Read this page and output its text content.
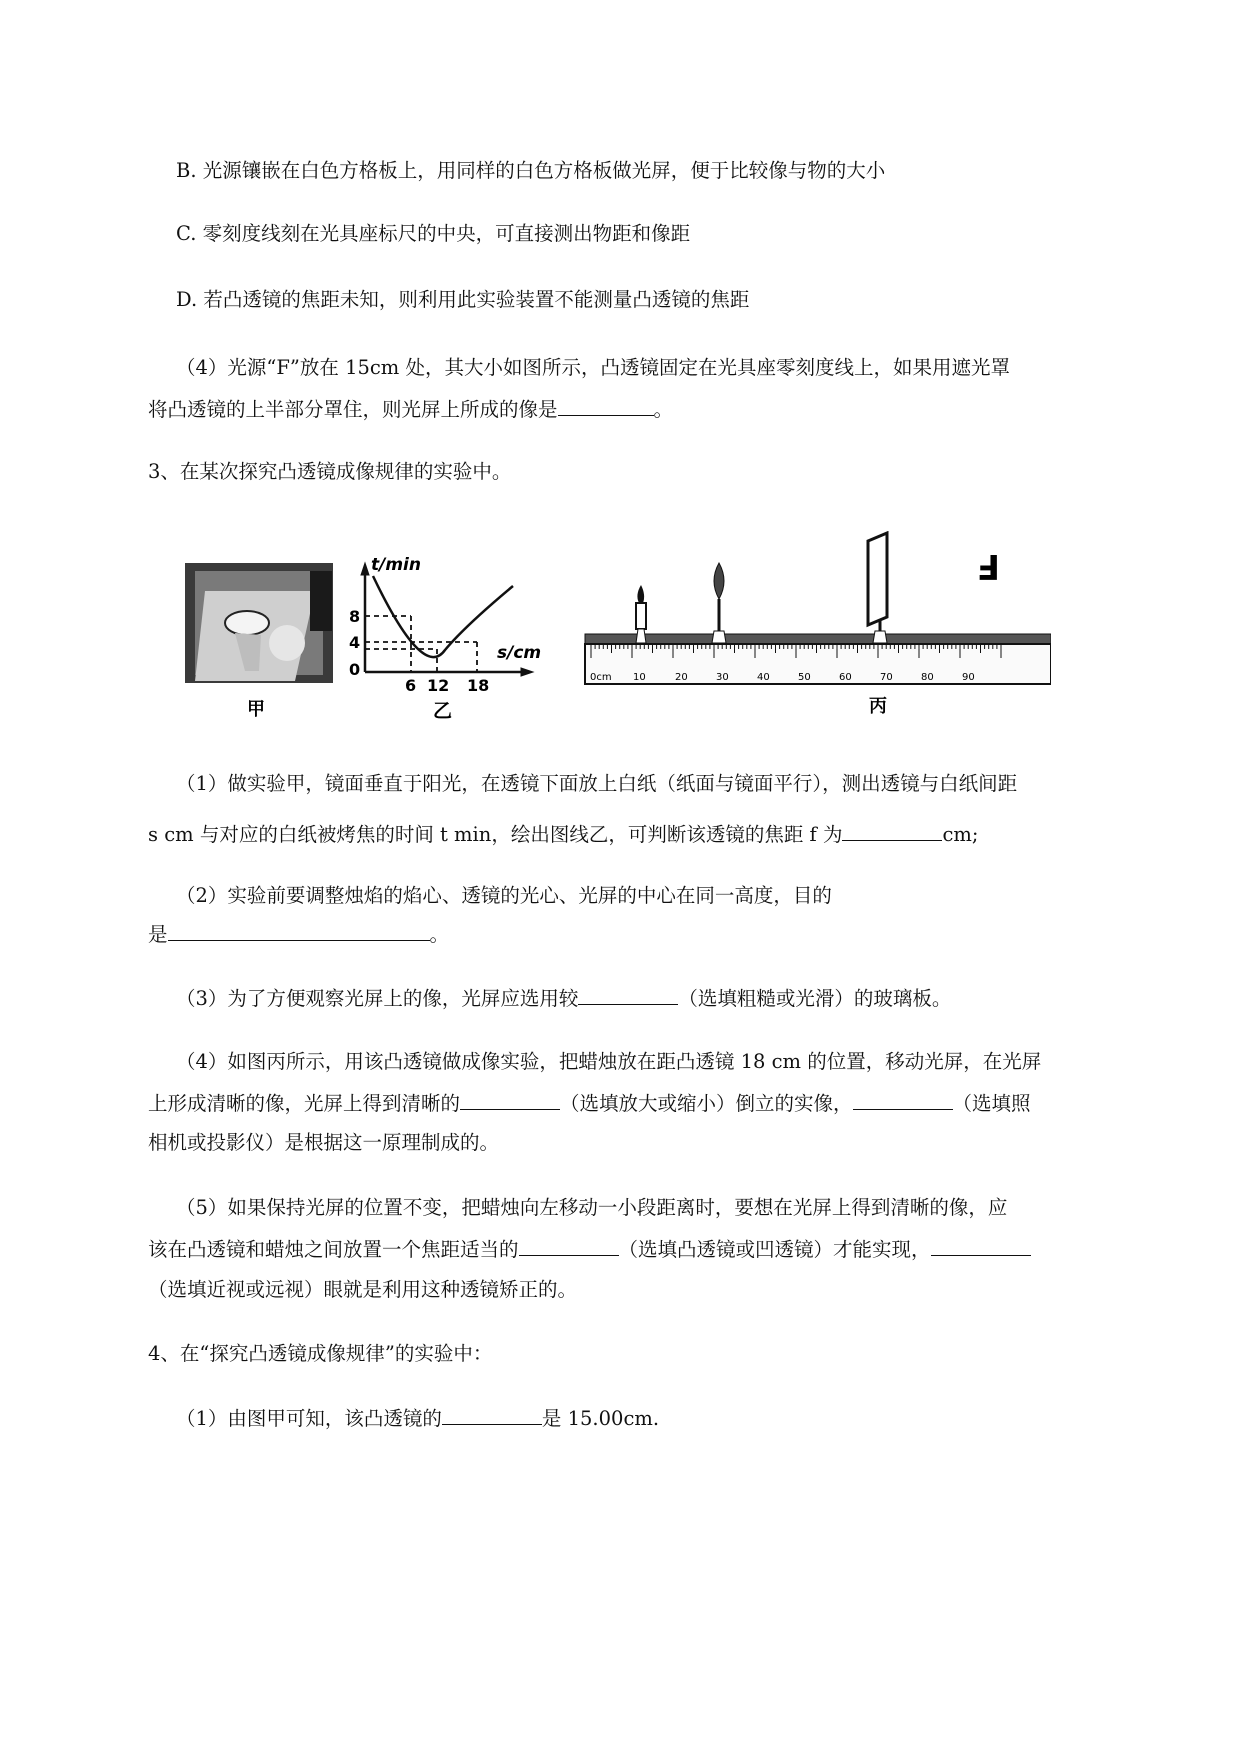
B. 光源镶嵌在白色方格板上，用同样的白色方格板做光屏，便于比较像与物的大小
C. 零刻度线刻在光具座标尺的中央，可直接测出物距和像距
D. 若凸透镜的焦距未知，则利用此实验装置不能测量凸透镜的焦距
（4）光源“F”放在 15cm 处，其大小如图所示，凸透镜固定在光具座零刻度线上，如果用遮光罩
将凸透镜的上半部分罩住，则光屏上所成的像是	。
3、在某次探究凸透镜成像规律的实验中。
甲
t/min
s/cm
8
4
0
6 12 18
乙
0cm 10	20	30	40	50	60	70	80	90
F
丙
（1）做实验甲，镜面垂直于阳光，在透镜下面放上白纸（纸面与镜面平行），测出透镜与白纸间距
s cm 与对应的白纸被烤焦的时间 t min，绘出图线乙，可判断该透镜的焦距 f 为	cm;
（2）实验前要调整烛焰的焰心、透镜的光心、光屏的中心在同一高度，目的
是	。
（3）为了方便观察光屏上的像，光屏应选用较	（选填粗糙或光滑）的玻璃板。
（4）如图丙所示，用该凸透镜做成像实验，把蜡烛放在距凸透镜 18 cm 的位置，移动光屏，在光屏
上形成清晰的像，光屏上得到清晰的	（选填放大或缩小）倒立的实像，	（选填照
相机或投影仪）是根据这一原理制成的。
（5）如果保持光屏的位置不变，把蜡烛向左移动一小段距离时，要想在光屏上得到清晰的像，应
该在凸透镜和蜡烛之间放置一个焦距适当的	（选填凸透镜或凹透镜）才能实现，
（选填近视或远视）眼就是利用这种透镜矫正的。
4、在“探究凸透镜成像规律”的实验中：
（1）由图甲可知，该凸透镜的	是 15.00cm.
